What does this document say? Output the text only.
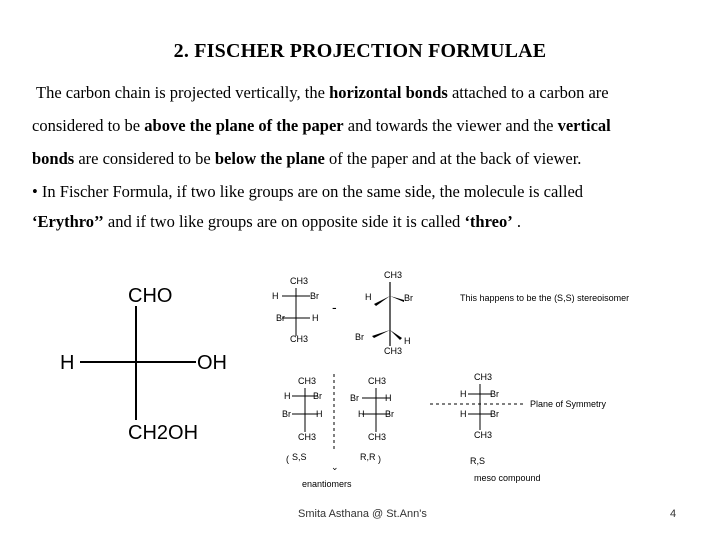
2. FISCHER PROJECTION FORMULAE
The carbon chain is projected vertically, the horizontal bonds attached to a carbon are
considered to be above the plane of the paper and towards the viewer and the vertical
bonds are considered to be below the plane of the paper and at the back of viewer.
• In Fischer Formula, if two like groups are on the same side, the molecule is called
‘Erythro’’ and if two like groups are on opposite side it is called ‘threo’ .
CHO
H	OH
CH2OH
CH3
H	Br
Br	H
CH3
-
CH3
H	Br
Br	H
CH3
This happens to be the (S,S) stereoisomer
CH3
H	Br
Br	H
CH3
( S,S
⌄
CH3
Br	H
H Br
CH3
R,R )
enantiomers
CH3
H	Br
H	Br
CH3
R,S
meso compound
Plane of Symmetry
Smita Asthana @ St.Ann's	4
